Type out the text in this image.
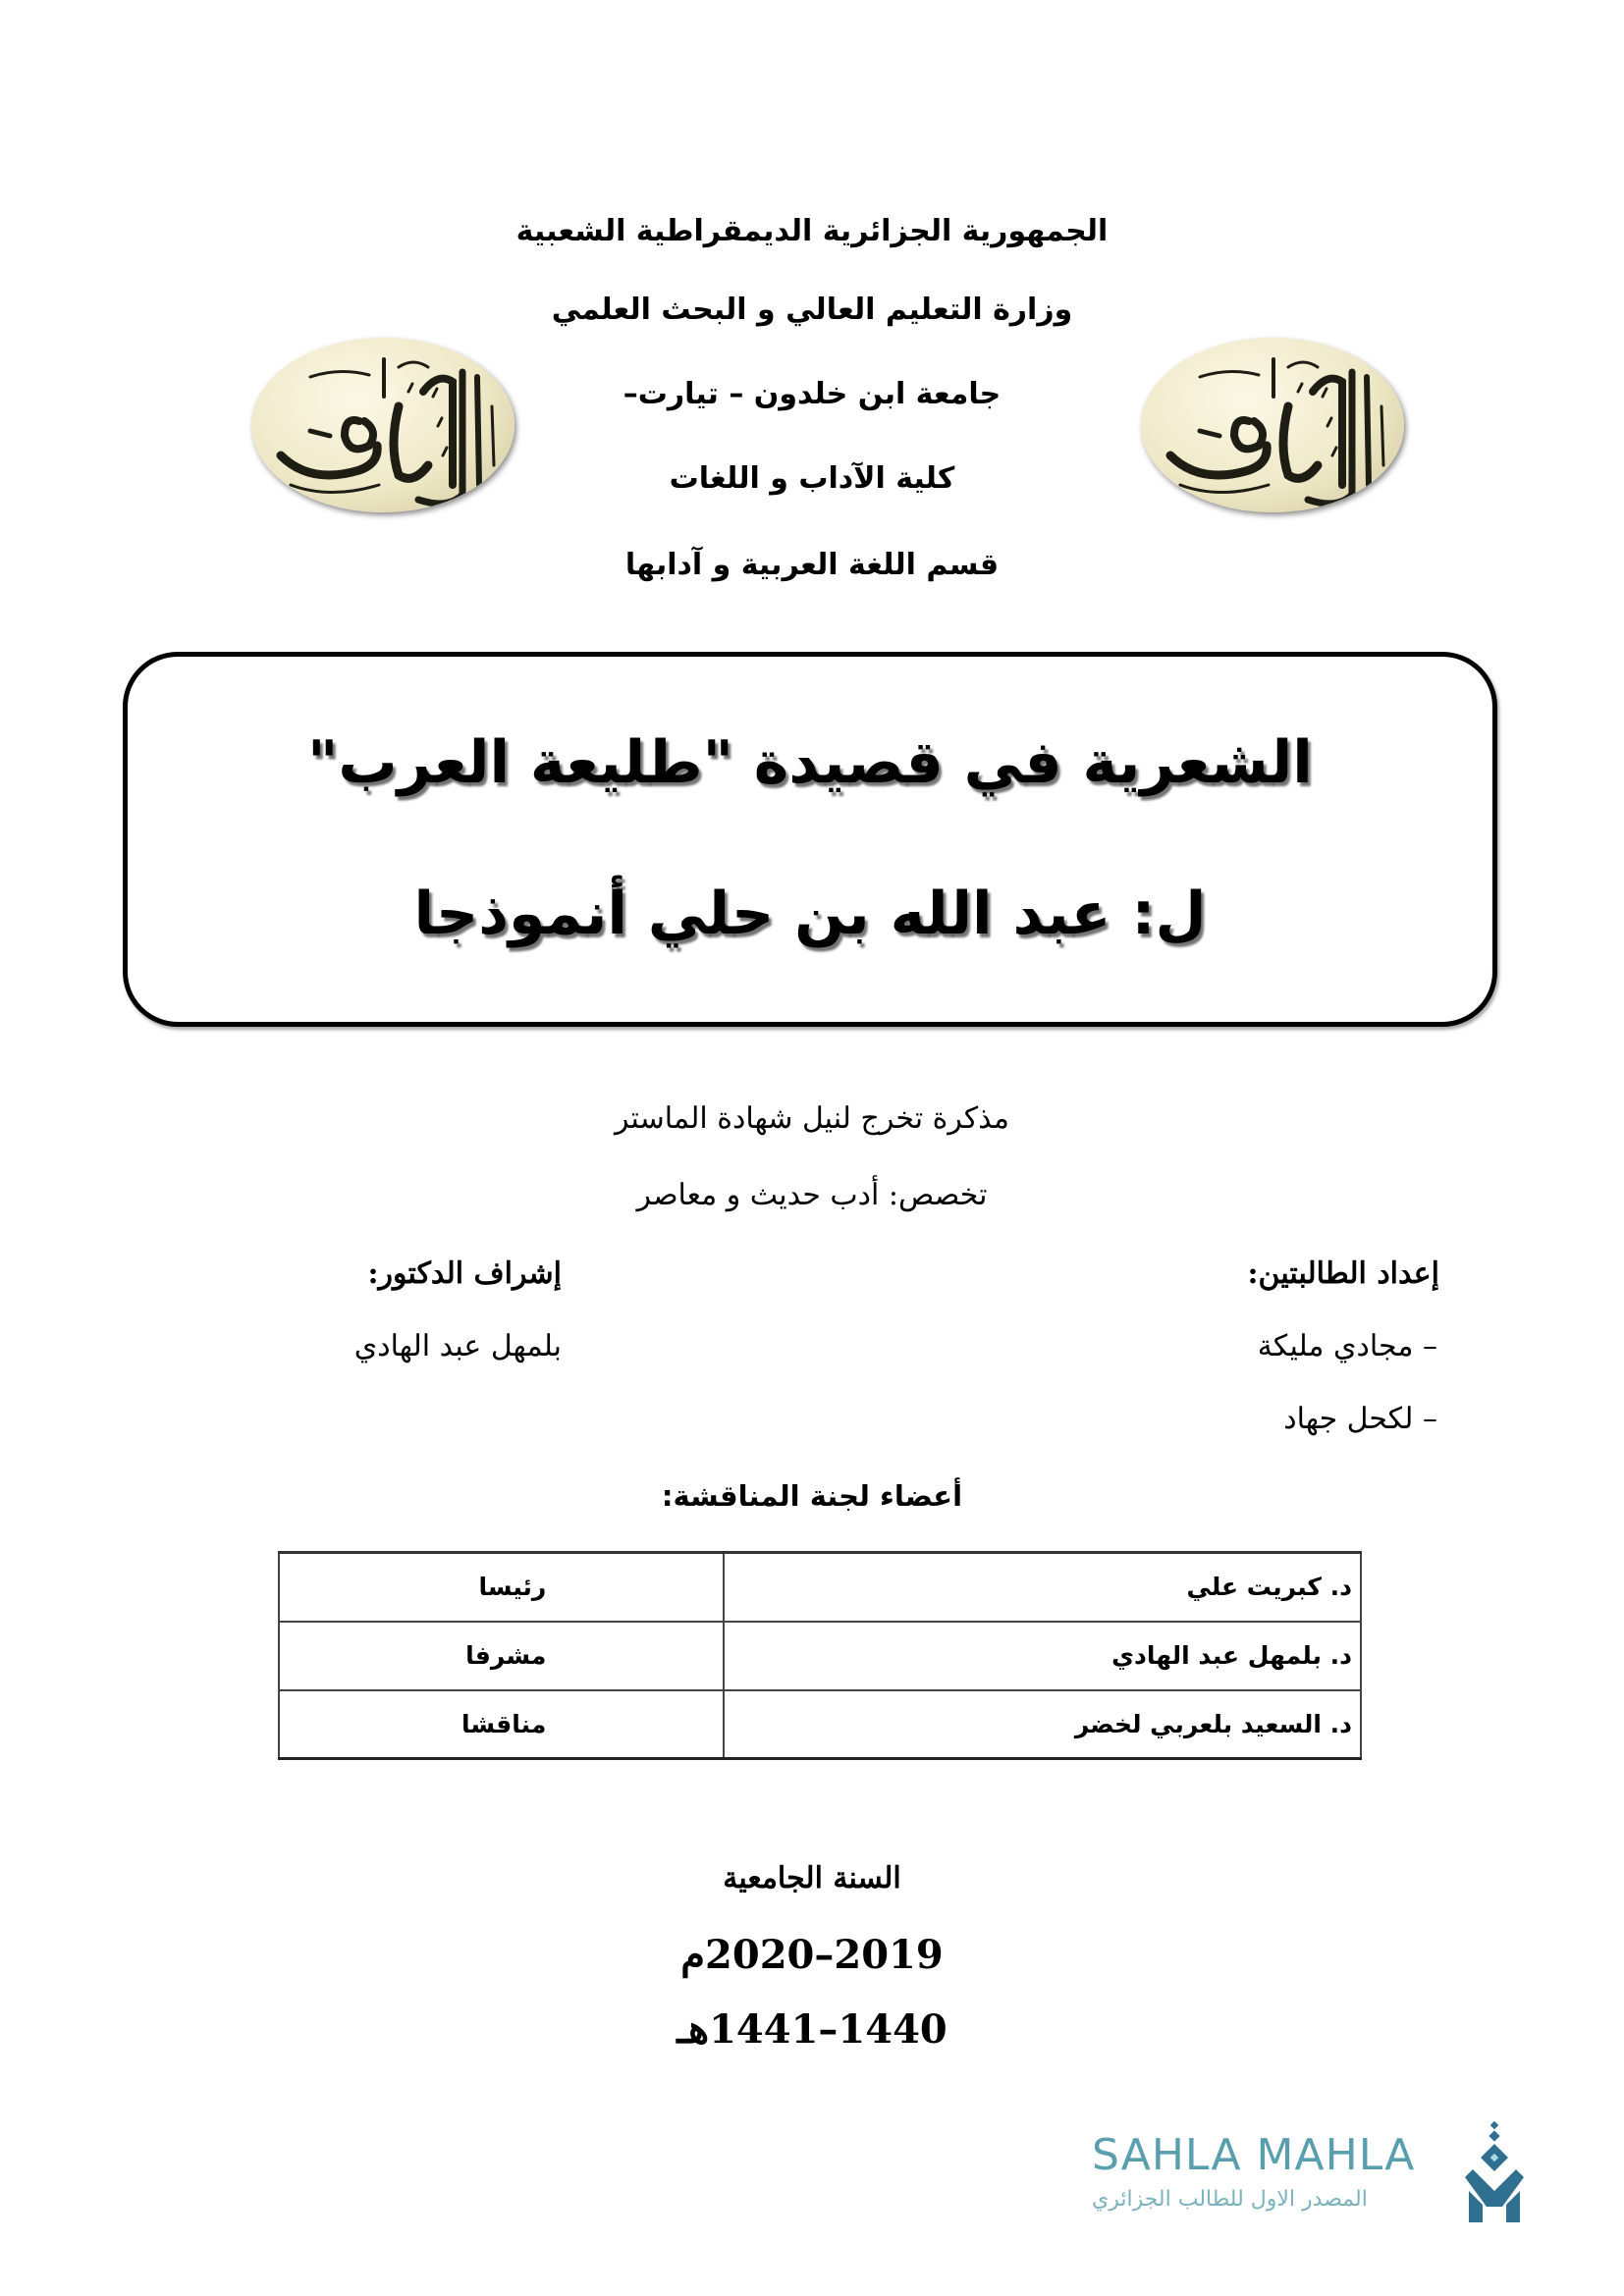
الجمهورية الجزائرية الديمقراطية الشعبية
وزارة التعليم العالي و البحث العلمي
جامعة ابن خلدون – تيارت–
كلية الآداب و اللغات
قسم اللغة العربية و آدابها
الشعرية في قصيدة "طليعة العرب"
ل: عبد الله بن حلي أنموذجا
مذكرة تخرج لنيل شهادة الماستر
تخصص: أدب حديث و معاصر
إعداد الطالبتين:
– مجادي مليكة
– لكحل جهاد
إشراف الدكتور:
بلمهل عبد الهادي
أعضاء لجنة المناقشة:
د. كبريت علي	رئيسا
د. بلمهل عبد الهادي	مشرفا
د. السعيد بلعربي لخضر	مناقشا
السنة الجامعية
2019–2020م
1440–1441هـ
SAHLA MAHLA
المصدر الاول للطالب الجزائري
